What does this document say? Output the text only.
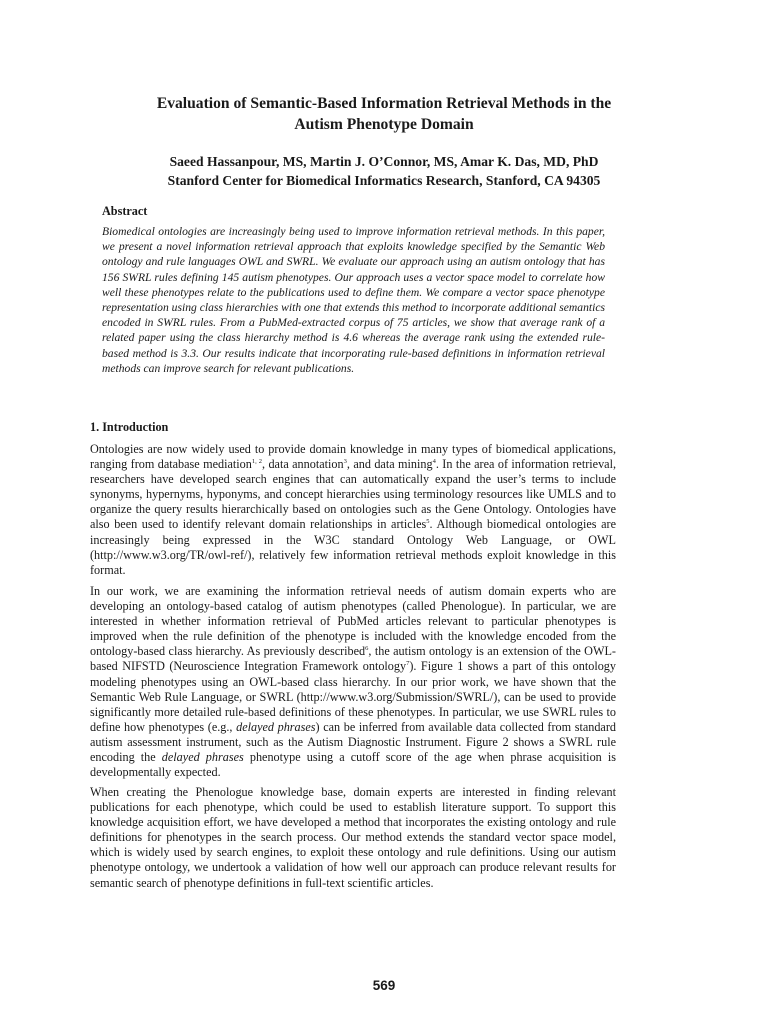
Evaluation of Semantic-Based Information Retrieval Methods in the
Autism Phenotype Domain
Saeed Hassanpour, MS, Martin J. O’Connor, MS, Amar K. Das, MD, PhD
Stanford Center for Biomedical Informatics Research, Stanford, CA 94305
Abstract

Biomedical ontologies are increasingly being used to improve information retrieval methods. In this paper, we present a novel information retrieval approach that exploits knowledge specified by the Semantic Web ontology and rule languages OWL and SWRL. We evaluate our approach using an autism ontology that has 156 SWRL rules defining 145 autism phenotypes. Our approach uses a vector space model to correlate how well these phenotypes relate to the publications used to define them. We compare a vector space phenotype representation using class hierarchies with one that extends this method to incorporate additional semantics encoded in SWRL rules. From a PubMed-extracted corpus of 75 articles, we show that average rank of a related paper using the class hierarchy method is 4.6 whereas the average rank using the extended rule-based method is 3.3. Our results indicate that incorporating rule-based definitions in information retrieval methods can improve search for relevant publications.

1. Introduction

Ontologies are now widely used to provide domain knowledge in many types of biomedical applications, ranging from database mediation$^{1, 2}$, data annotation$^3$, and data mining$^4$. In the area of information retrieval, researchers have developed search engines that can automatically expand the user’s terms to include synonyms, hypernyms, hyponyms, and concept hierarchies using terminology resources like UMLS and to organize the query results hierarchically based on ontologies such as the Gene Ontology. Ontologies have also been used to identify relevant domain relationships in articles$^5$. Although biomedical ontologies are increasingly being expressed in the W3C standard Ontology Web Language, or OWL (http://www.w3.org/TR/owl-ref/), relatively few information retrieval methods exploit knowledge in this format.

In our work, we are examining the information retrieval needs of autism domain experts who are developing an ontology-based catalog of autism phenotypes (called Phenologue). In particular, we are interested in whether information retrieval of PubMed articles relevant to particular phenotypes is improved when the rule definition of the phenotype is included with the knowledge encoded from the ontology-based class hierarchy. As previously described$^6$, the autism ontology is an extension of the OWL-based NIFSTD (Neuroscience Integration Framework ontology$^7$). Figure 1 shows a part of this ontology modeling phenotypes using an OWL-based class hierarchy. In our prior work, we have shown that the Semantic Web Rule Language, or SWRL (http://www.w3.org/Submission/SWRL/), can be used to provide significantly more detailed rule-based definitions of these phenotypes. In particular, we use SWRL rules to define how phenotypes (e.g., delayed phrases) can be inferred from available data collected from standard autism assessment instrument, such as the Autism Diagnostic Instrument. Figure 2 shows a SWRL rule encoding the delayed phrases phenotype using a cutoff score of the age when phrase acquisition is developmentally expected.

When creating the Phenologue knowledge base, domain experts are interested in finding relevant publications for each phenotype, which could be used to establish literature support. To support this knowledge acquisition effort, we have developed a method that incorporates the existing ontology and rule definitions for phenotypes in the search process. Our method extends the standard vector space model, which is widely used by search engines, to exploit these ontology and rule definitions. Using our autism phenotype ontology, we undertook a validation of how well our approach can produce relevant results for semantic search of phenotype definitions in full-text scientific articles.

569
